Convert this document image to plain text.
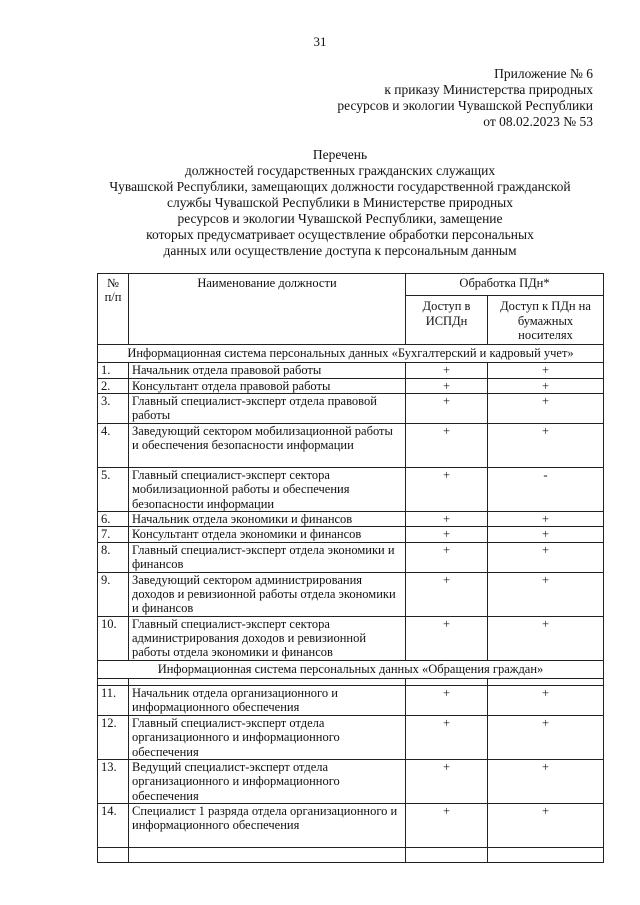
31
Приложение № 6
к приказу Министерства природных
ресурсов и экологии Чувашской Республики
от 08.02.2023 № 53
Перечень
должностей государственных гражданских служащих
Чувашской Республики, замещающих должности государственной гражданской
службы Чувашской Республики в Министерстве природных
ресурсов и экологии Чувашской Республики, замещение
которых предусматривает осуществление обработки персональных
данных или осуществление доступа к персональным данным
№ п/п	Наименование должности	Обработка ПДн*	
		Доступ в ИСПДн	Доступ к ПДн на бумажных носителях
Информационная система персональных данных «Бухгалтерский и кадровый учет»			
1.	Начальник отдела правовой работы	+	+
2.	Консультант отдела правовой работы	+	+
3.	Главный специалист-эксперт отдела правовой работы	+	+
4.	Заведующий сектором мобилизационной работы и обеспечения безопасности информации	+	+
5.	Главный специалист-эксперт сектора мобилизационной работы и обеспечения безопасности информации	+	-
6.	Начальник отдела экономики и финансов	+	+
7.	Консультант отдела экономики и финансов	+	+
8.	Главный специалист-эксперт отдела экономики и финансов	+	+
9.	Заведующий сектором администрирования доходов и ревизионной работы отдела экономики и финансов	+	+
10.	Главный специалист-эксперт сектора администрирования доходов и ревизионной работы отдела экономики и финансов	+	+
Информационная система персональных данных «Обращения граждан»			

11.	Начальник отдела организационного и информационного обеспечения	+	+
12.	Главный специалист-эксперт отдела организационного и информационного обеспечения	+	+
13.	Ведущий специалист-эксперт отдела организационного и информационного обеспечения	+	+
14.	Специалист 1 разряда отдела организационного и информационного обеспечения	+	+
